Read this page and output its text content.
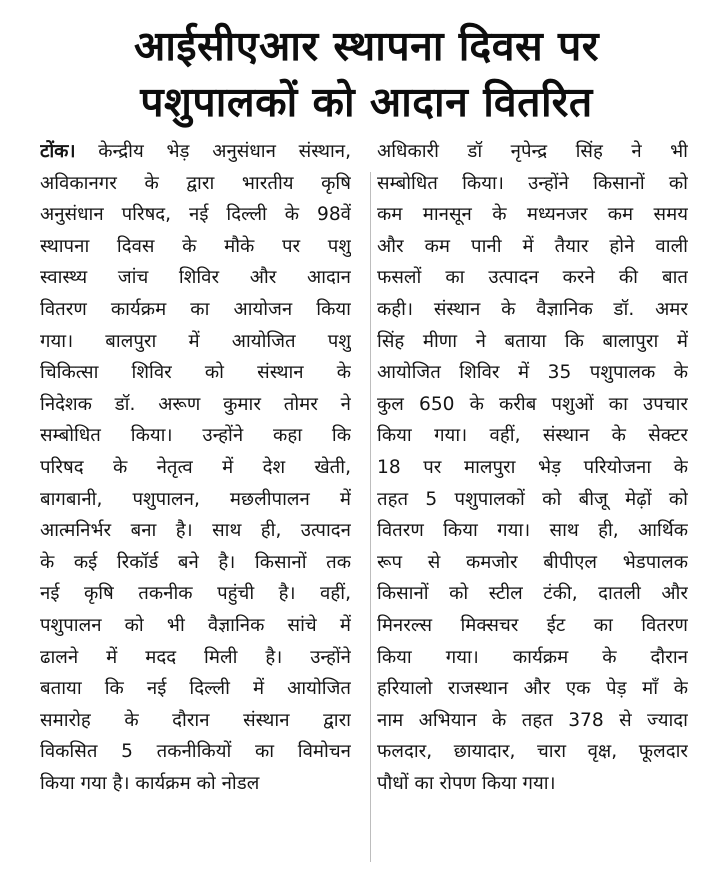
आईसीएआर स्थापना दिवस पर
पशुपालकों को आदान वितरित
टोंक। केन्द्रीय भेड़ अनुसंधान संस्थान,
अविकानगर के द्वारा भारतीय कृषि
अनुसंधान परिषद, नई दिल्ली के 98वें
स्थापना दिवस के मौके पर पशु
स्वास्थ्य जांच शिविर और आदान
वितरण कार्यक्रम का आयोजन किया
गया। बालपुरा में आयोजित पशु
चिकित्सा शिविर को संस्थान के
निदेशक डॉ. अरूण कुमार तोमर ने
सम्बोधित किया। उन्होंने कहा कि
परिषद के नेतृत्व में देश खेती,
बागबानी, पशुपालन, मछलीपालन में
आत्मनिर्भर बना है। साथ ही, उत्पादन
के कई रिकॉर्ड बने है। किसानों तक
नई कृषि तकनीक पहुंची है। वहीं,
पशुपालन को भी वैज्ञानिक सांचे में
ढालने में मदद मिली है। उन्होंने
बताया कि नई दिल्ली में आयोजित
समारोह के दौरान संस्थान द्वारा
विकसित 5 तकनीकियों का विमोचन
किया गया है। कार्यक्रम को नोडल
अधिकारी डॉ नृपेन्द्र सिंह ने भी
सम्बोधित किया। उन्होंने किसानों को
कम मानसून के मध्यनजर कम समय
और कम पानी में तैयार होने वाली
फसलों का उत्पादन करने की बात
कही। संस्थान के वैज्ञानिक डॉ. अमर
सिंह मीणा ने बताया कि बालापुरा में
आयोजित शिविर में 35 पशुपालक के
कुल 650 के करीब पशुओं का उपचार
किया गया। वहीं, संस्थान के सेक्टर
18 पर मालपुरा भेड़ परियोजना के
तहत 5 पशुपालकों को बीजू मेढ़ों को
वितरण किया गया। साथ ही, आर्थिक
रूप से कमजोर बीपीएल भेडपालक
किसानों को स्टील टंकी, दातली और
मिनरल्स मिक्सचर ईट का वितरण
किया गया। कार्यक्रम के दौरान
हरियालो राजस्थान और एक पेड़ माँ के
नाम अभियान के तहत 378 से ज्यादा
फलदार, छायादार, चारा वृक्ष, फूलदार
पौधों का रोपण किया गया।
